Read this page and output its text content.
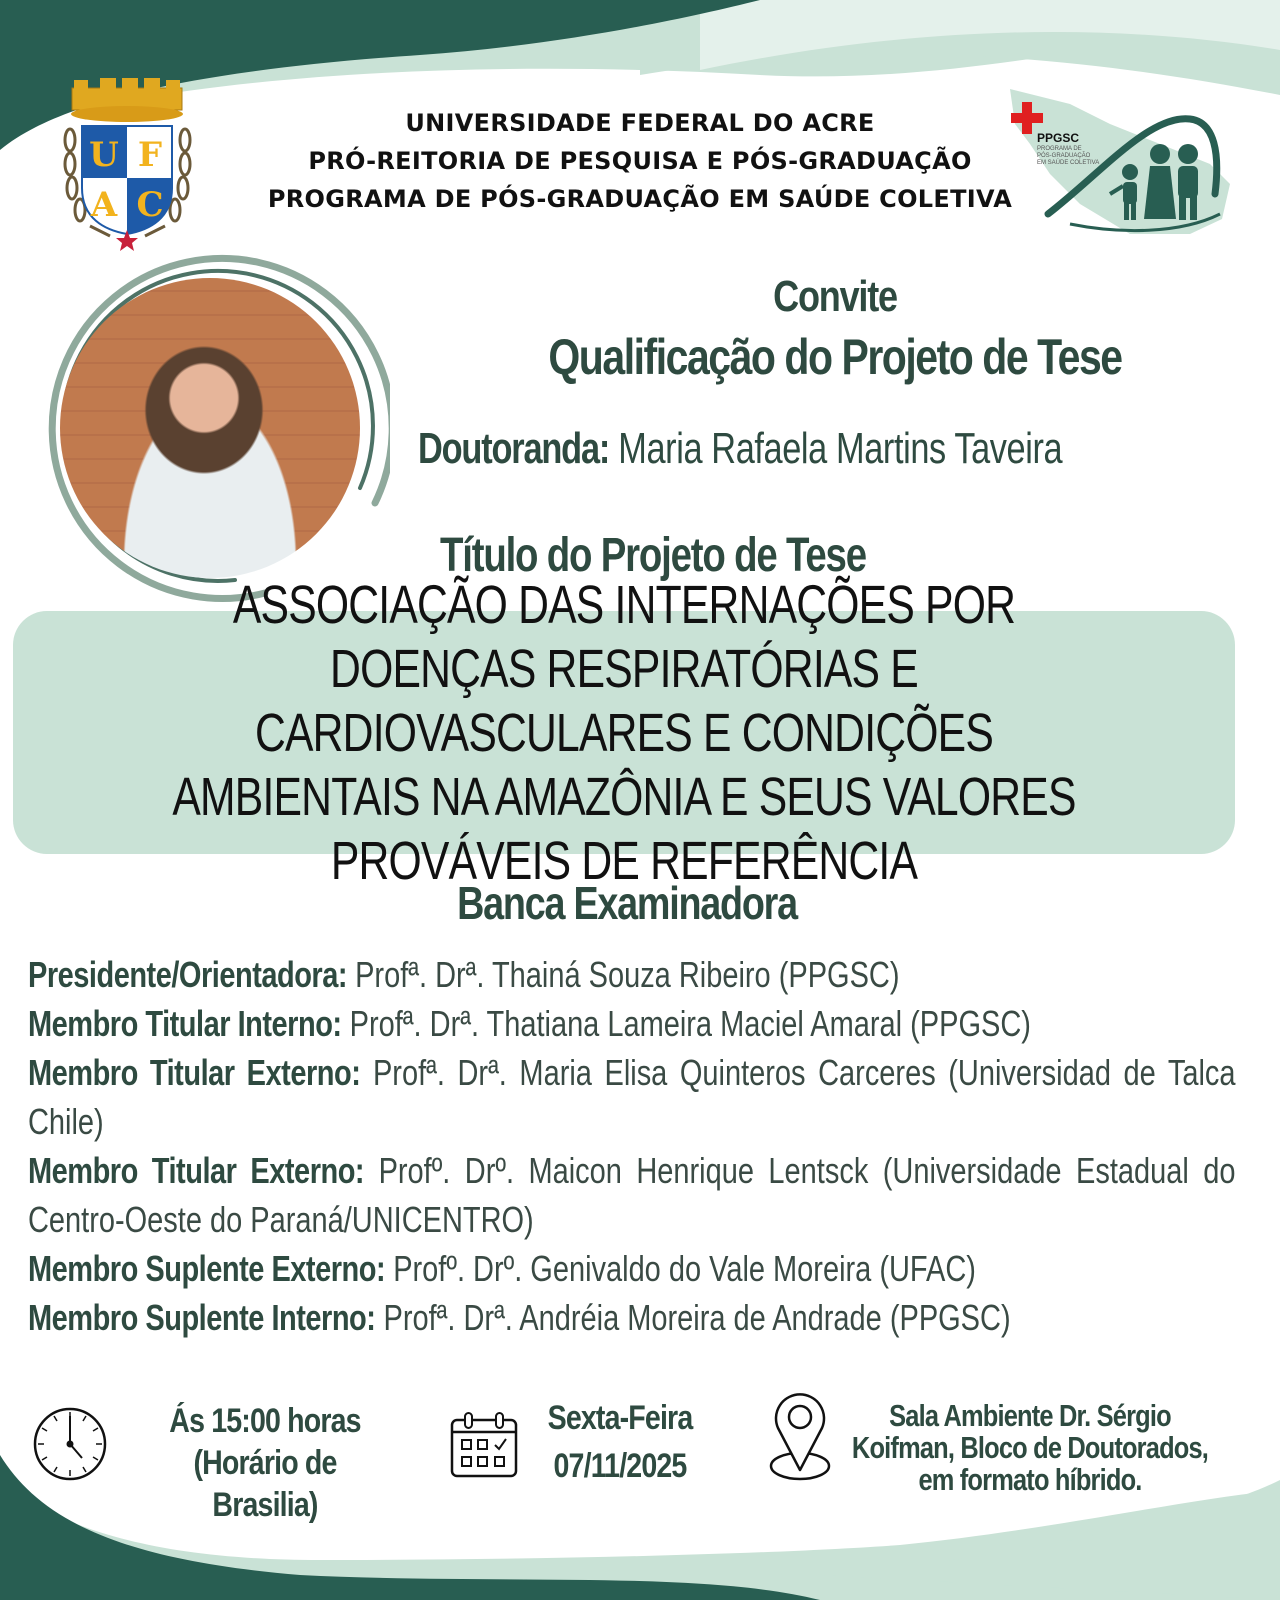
U F
A C
UNIVERSIDADE FEDERAL DO ACRE
PRÓ-REITORIA DE PESQUISA E PÓS-GRADUAÇÃO
PROGRAMA DE PÓS-GRADUAÇÃO EM SAÚDE COLETIVA
PPGSC
PROGRAMA DE
PÓS-GRADUAÇÃO
EM SAÚDE COLETIVA
Convite
Qualificação do Projeto de Tese
Doutoranda: Maria Rafaela Martins Taveira
Título do Projeto de Tese
ASSOCIAÇÃO DAS INTERNAÇÕES POR DOENÇAS RESPIRATÓRIAS E CARDIOVASCULARES E CONDIÇÕES AMBIENTAIS NA AMAZÔNIA E SEUS VALORES PROVÁVEIS DE REFERÊNCIA
Banca Examinadora
Presidente/Orientadora: Profª. Drª. Thainá Souza Ribeiro (PPGSC)
Membro Titular Interno: Profª. Drª. Thatiana Lameira Maciel Amaral (PPGSC)
Membro Titular Externo: Profª. Drª. Maria Elisa Quinteros Carceres (Universidad de Talca Chile)
Membro Titular Externo: Profº. Drº. Maicon Henrique Lentsck (Universidade Estadual do Centro-Oeste do Paraná/UNICENTRO)
Membro Suplente Externo: Profº. Drº. Genivaldo do Vale Moreira (UFAC)
Membro Suplente Interno: Profª. Drª. Andréia Moreira de Andrade (PPGSC)
Ás 15:00 horas
(Horário de Brasilia)
Sexta-Feira
07/11/2025
Sala Ambiente Dr. Sérgio
Koifman, Bloco de Doutorados,
em formato híbrido.
